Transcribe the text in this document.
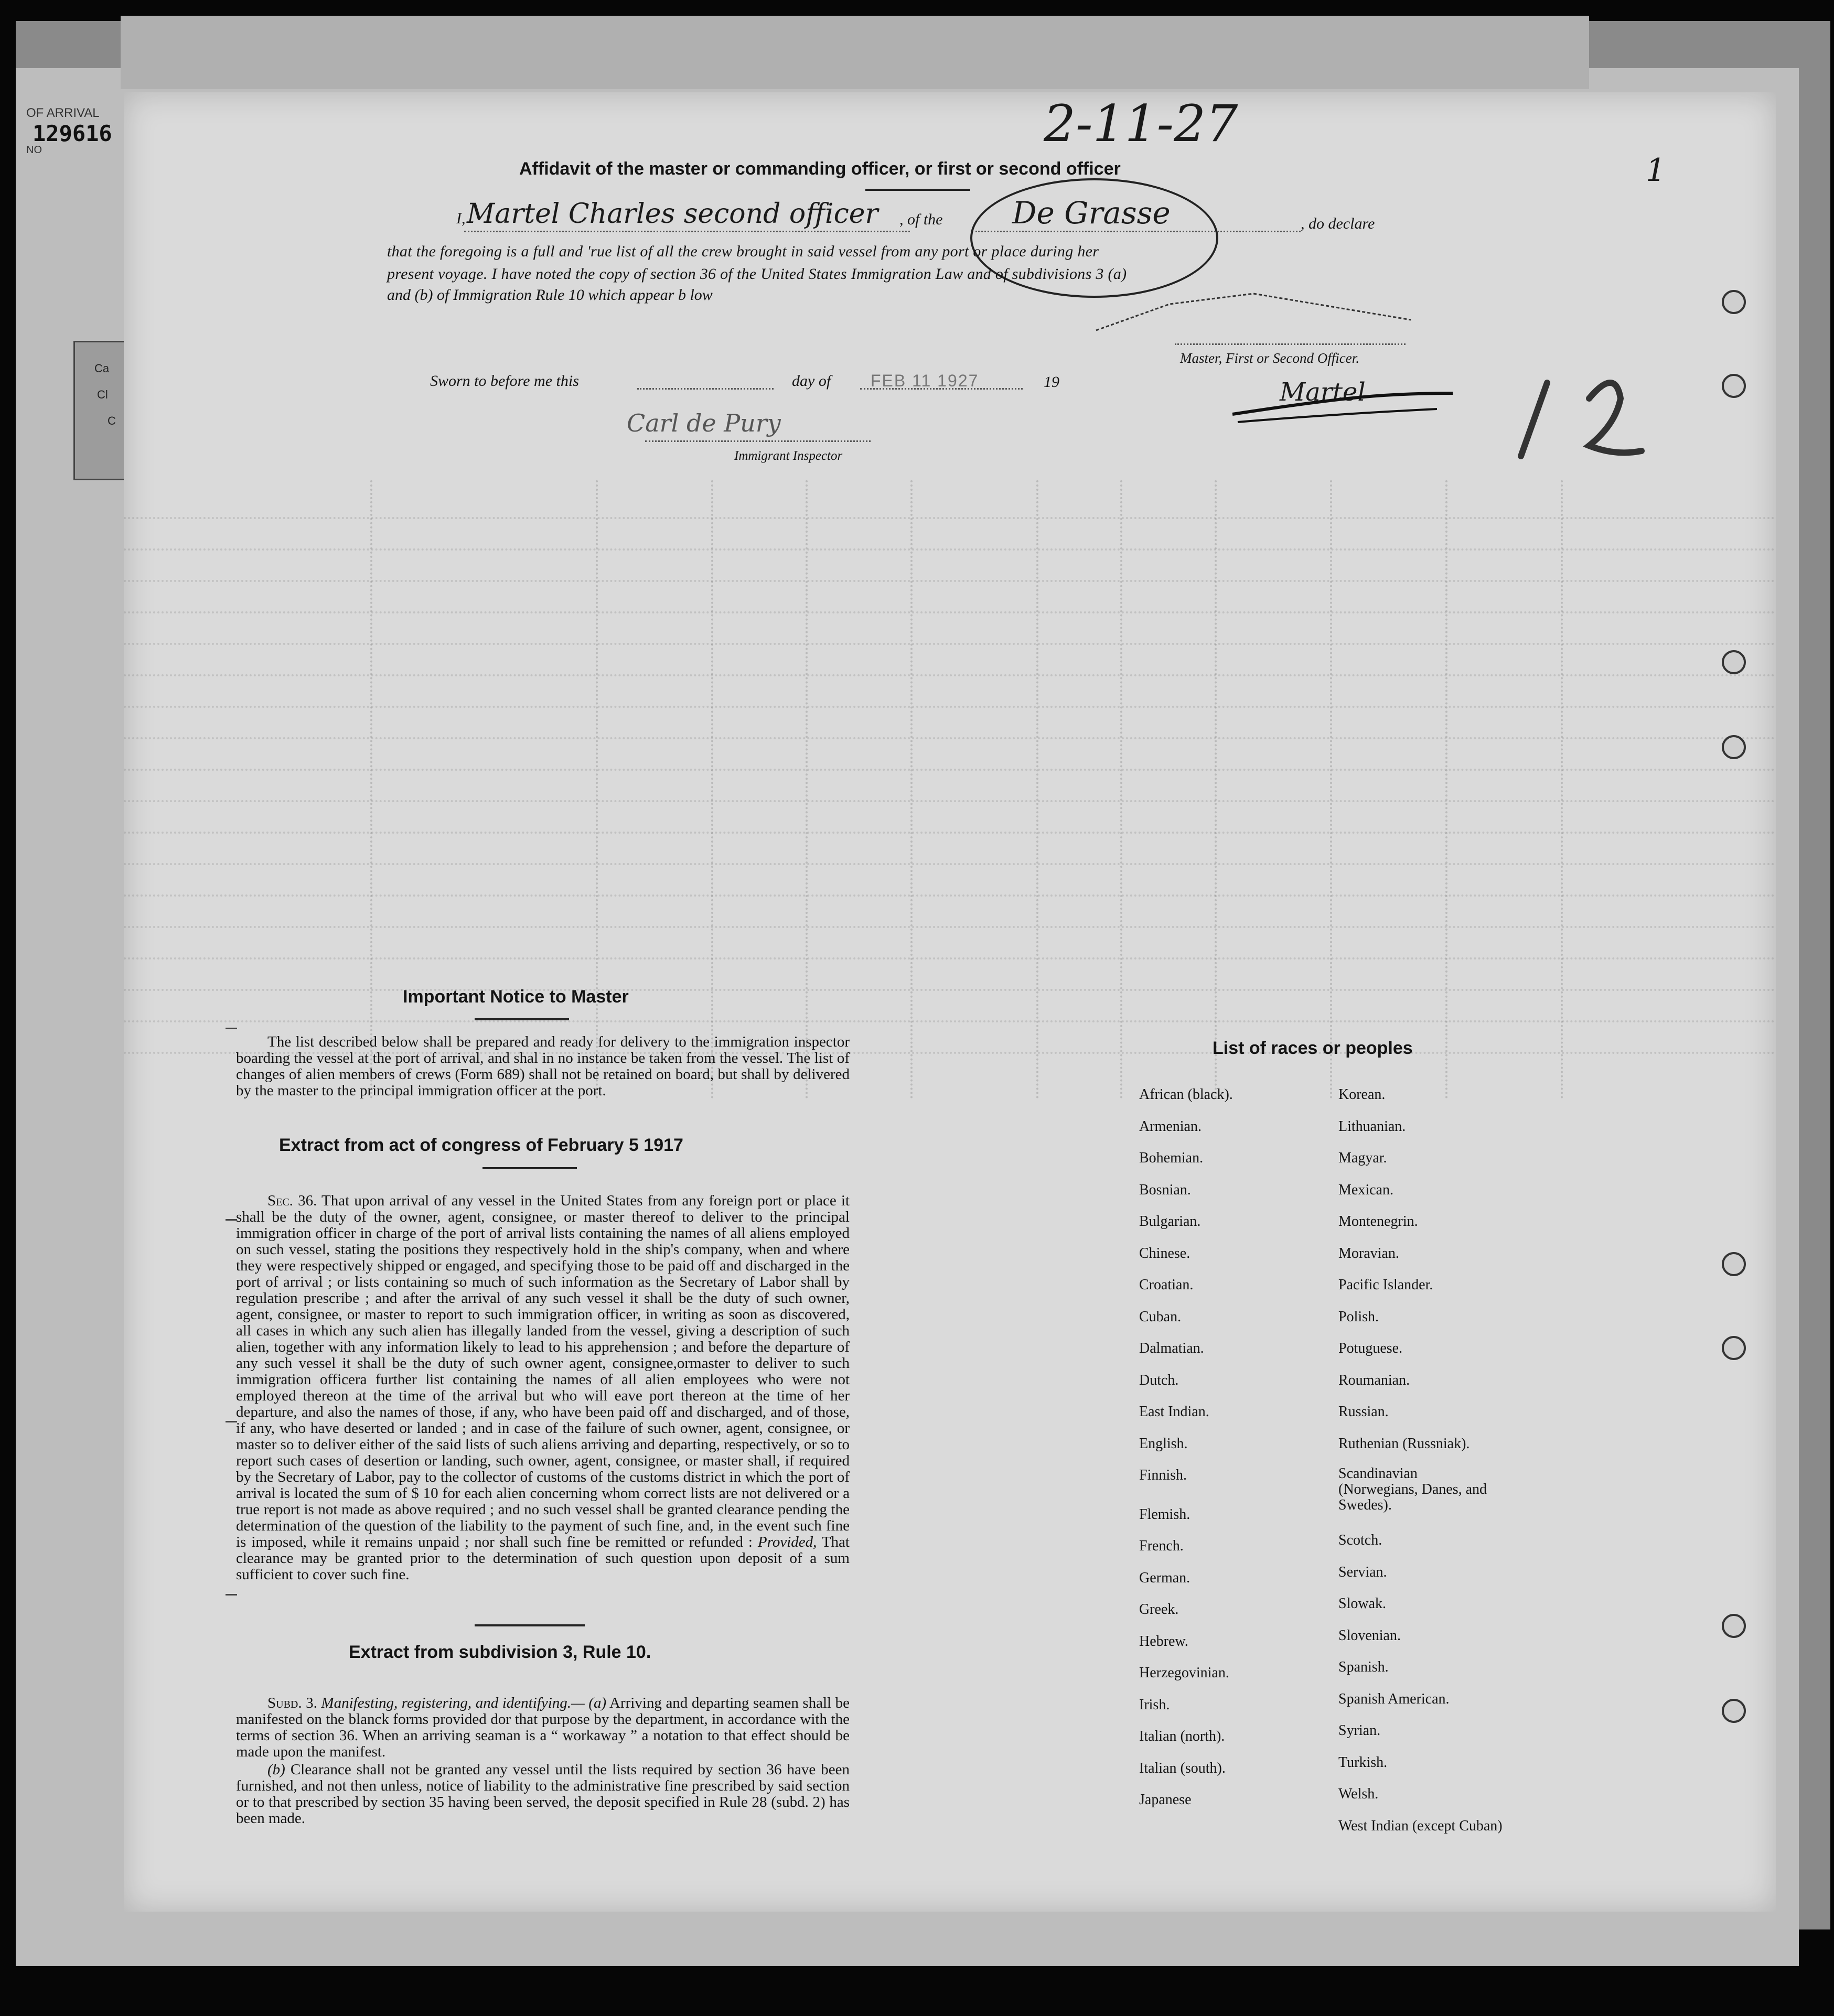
Ca
Cl
C
OF ARRIVAL
NO
129616	2-11-27
1
Affidavit of the master or commanding officer, or first or second officer
I, Martel Charles second officer , of the De Grasse	, do declare
that the foregoing is a full and 'rue list of all the crew brought in said vessel from any port or place during her
present voyage. I have noted the copy of section 36 of the United States Immigration Law and of subdivisions 3 (a)
and (b) of Immigration Rule 10 which appear b low
Master, First or Second Officer.
Martel
Sworn to before me this	day of FEB 11 1927	19
Carl de Pury
Immigrant Inspector
Important Notice to Master
The list described below shall be prepared and ready for delivery to the immigration inspector boarding the vessel at the port of arrival, and shal in no instance be taken from the vessel. The list of changes of alien members of crews (Form 689) shall not be retained on board, but shall by delivered by the master to the principal immigration officer at the port.
Extract from act of congress of February 5 1917
Sec. 36. That upon arrival of any vessel in the United States from any foreign port or place it shall be the duty of the owner, agent, consignee, or master thereof to deliver to the principal immigration officer in charge of the port of arrival lists containing the names of all aliens employed on such vessel, stating the positions they respectively hold in the ship's company, when and where they were respectively shipped or engaged, and specifying those to be paid off and discharged in the port of arrival ; or lists containing so much of such information as the Secretary of Labor shall by regulation prescribe ; and after the arrival of any such vessel it shall be the duty of such owner, agent, consignee, or master to report to such immigration officer, in writing as soon as discovered, all cases in which any such alien has illegally landed from the vessel, giving a description of such alien, together with any information likely to lead to his apprehension ; and before the departure of any such vessel it shall be the duty of such owner agent, consignee,ormaster to deliver to such immigration officera further list containing the names of all alien employees who were not employed thereon at the time of the arrival but who will eave port thereon at the time of her departure, and also the names of those, if any, who have been paid off and discharged, and of those, if any, who have deserted or landed ; and in case of the failure of such owner, agent, consignee, or master so to deliver either of the said lists of such aliens arriving and departing, respectively, or so to report such cases of desertion or landing, such owner, agent, consignee, or master shall, if required by the Secretary of Labor, pay to the collector of customs of the customs district in which the port of arrival is located the sum of $ 10 for each alien concerning whom correct lists are not delivered or a true report is not made as above required ; and no such vessel shall be granted clearance pending the determination of the question of the liability to the payment of such fine, and, in the event such fine is imposed, while it remains unpaid ; nor shall such fine be remitted or refunded : Provided, That clearance may be granted prior to the determination of such question upon deposit of a sum sufficient to cover such fine.
Extract from subdivision 3, Rule 10.
Subd. 3. Manifesting, registering, and identifying.— (a) Arriving and departing seamen shall be manifested on the blanck forms provided dor that purpose by the department, in accordance with the terms of section 36. When an arriving seaman is a “ workaway ” a notation to that effect should be made upon the manifest.
(b) Clearance shall not be granted any vessel until the lists required by section 36 have been furnished, and not then unless, notice of liability to the administrative fine prescribed by said section or to that prescribed by section 35 having been served, the deposit specified in Rule 28 (subd. 2) has been made.
List of races or peoples
African (black).
Armenian.
Bohemian.
Bosnian.
Bulgarian.
Chinese.
Croatian.
Cuban.
Dalmatian.
Dutch.
East Indian.
English.
Finnish.
Flemish.
French.
German.
Greek.
Hebrew.
Herzegovinian.
Irish.
Italian (north).
Italian (south).
Japanese
Korean.
Lithuanian.
Magyar.
Mexican.
Montenegrin.
Moravian.
Pacific Islander.
Polish.
Potuguese.
Roumanian.
Russian.
Ruthenian (Russniak).
Scandinavian (Norwegians, Danes, and Swedes).
Scotch.
Servian.
Slowak.
Slovenian.
Spanish.
Spanish American.
Syrian.
Turkish.
Welsh.
West Indian (except Cuban)
